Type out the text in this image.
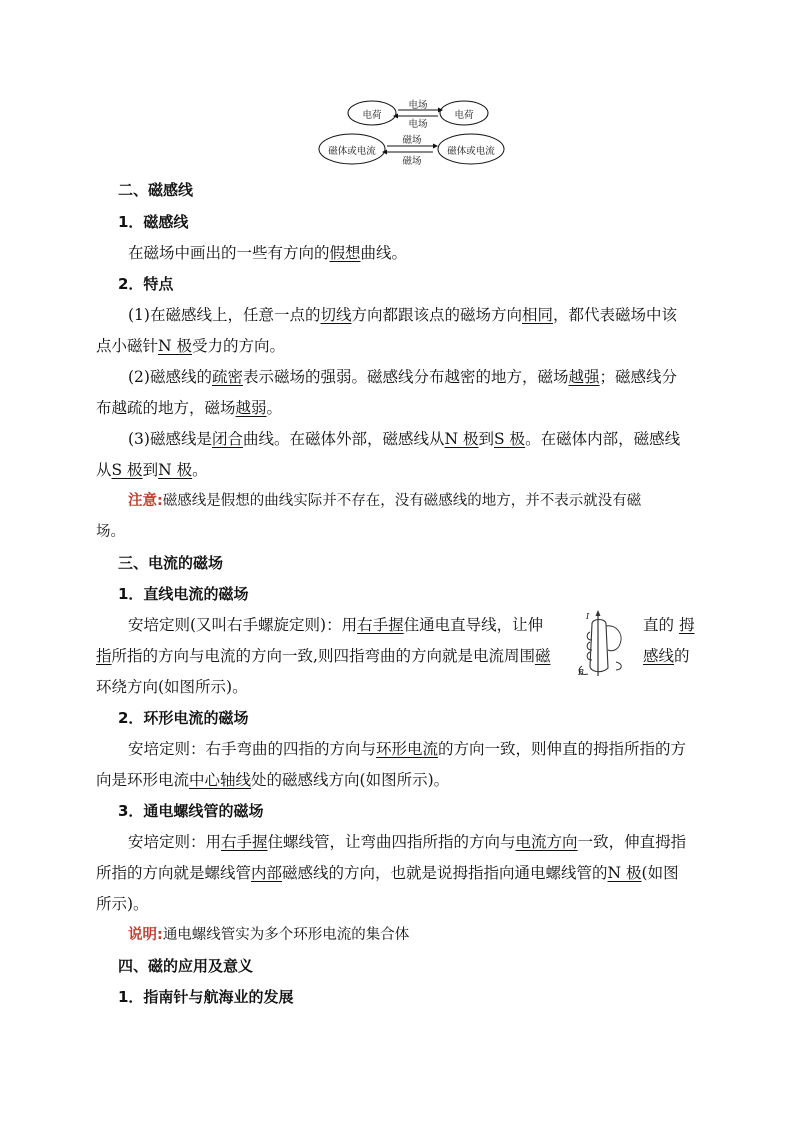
电荷	电荷
电场
电场
磁体或电流	磁体或电流
磁场
磁场
二、磁感线
1．磁感线
在磁场中画出的一些有方向的假想曲线。
2．特点
(1)在磁感线上，任意一点的切线方向都跟该点的磁场方向相同，都代表磁场中该
点小磁针N 极受力的方向。
(2)磁感线的疏密表示磁场的强弱。磁感线分布越密的地方，磁场越强；磁感线分
布越疏的地方，磁场越弱。
(3)磁感线是闭合曲线。在磁体外部，磁感线从N 极到S 极。在磁体内部，磁感线
从S 极到N 极。
注意:磁感线是假想的曲线实际并不存在，没有磁感线的地方，并不表示就没有磁
场。
三、电流的磁场
1．直线电流的磁场
安培定则(又叫右手螺旋定则)：用右手握住通电直导线，让伸	直的 拇
I
B
指所指的方向与电流的方向一致,则四指弯曲的方向就是电流周围磁	感线的
环绕方向(如图所示)。
2．环形电流的磁场
安培定则：右手弯曲的四指的方向与环形电流的方向一致，则伸直的拇指所指的方
向是环形电流中心轴线处的磁感线方向(如图所示)。
3．通电螺线管的磁场
安培定则：用右手握住螺线管，让弯曲四指所指的方向与电流方向一致，伸直拇指
所指的方向就是螺线管内部磁感线的方向，也就是说拇指指向通电螺线管的N 极(如图
所示)。
说明:通电螺线管实为多个环形电流的集合体
四、磁的应用及意义
1．指南针与航海业的发展
